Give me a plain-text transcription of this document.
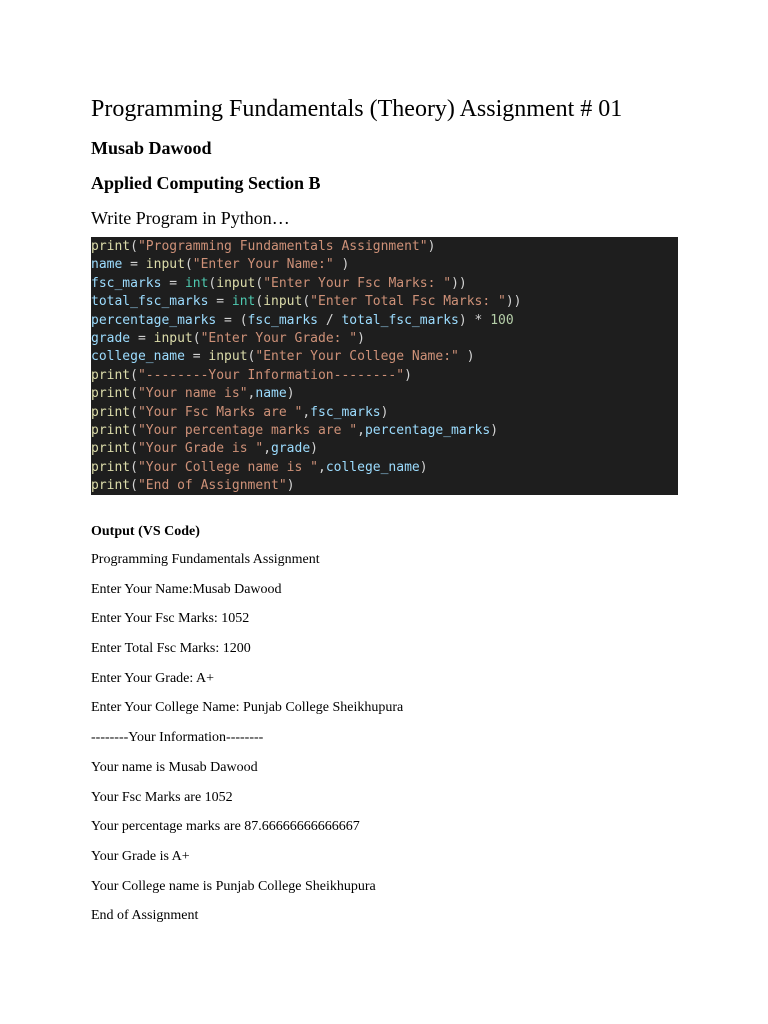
Programming Fundamentals (Theory) Assignment # 01
Musab Dawood
Applied Computing Section B
Write Program in Python…
print("Programming Fundamentals Assignment")
name = input("Enter Your Name:" )
fsc_marks = int(input("Enter Your Fsc Marks: "))
total_fsc_marks = int(input("Enter Total Fsc Marks: "))
percentage_marks = (fsc_marks / total_fsc_marks) * 100
grade = input("Enter Your Grade: ")
college_name = input("Enter Your College Name:" )
print("--------Your Information--------")
print("Your name is",name)
print("Your Fsc Marks are ",fsc_marks)
print("Your percentage marks are ",percentage_marks)
print("Your Grade is ",grade)
print("Your College name is ",college_name)
print("End of Assignment")
Output (VS Code)
Programming Fundamentals Assignment
Enter Your Name:Musab Dawood
Enter Your Fsc Marks: 1052
Enter Total Fsc Marks: 1200
Enter Your Grade: A+
Enter Your College Name: Punjab College Sheikhupura
--------Your Information--------
Your name is Musab Dawood
Your Fsc Marks are 1052
Your percentage marks are 87.66666666666667
Your Grade is A+
Your College name is Punjab College Sheikhupura
End of Assignment
